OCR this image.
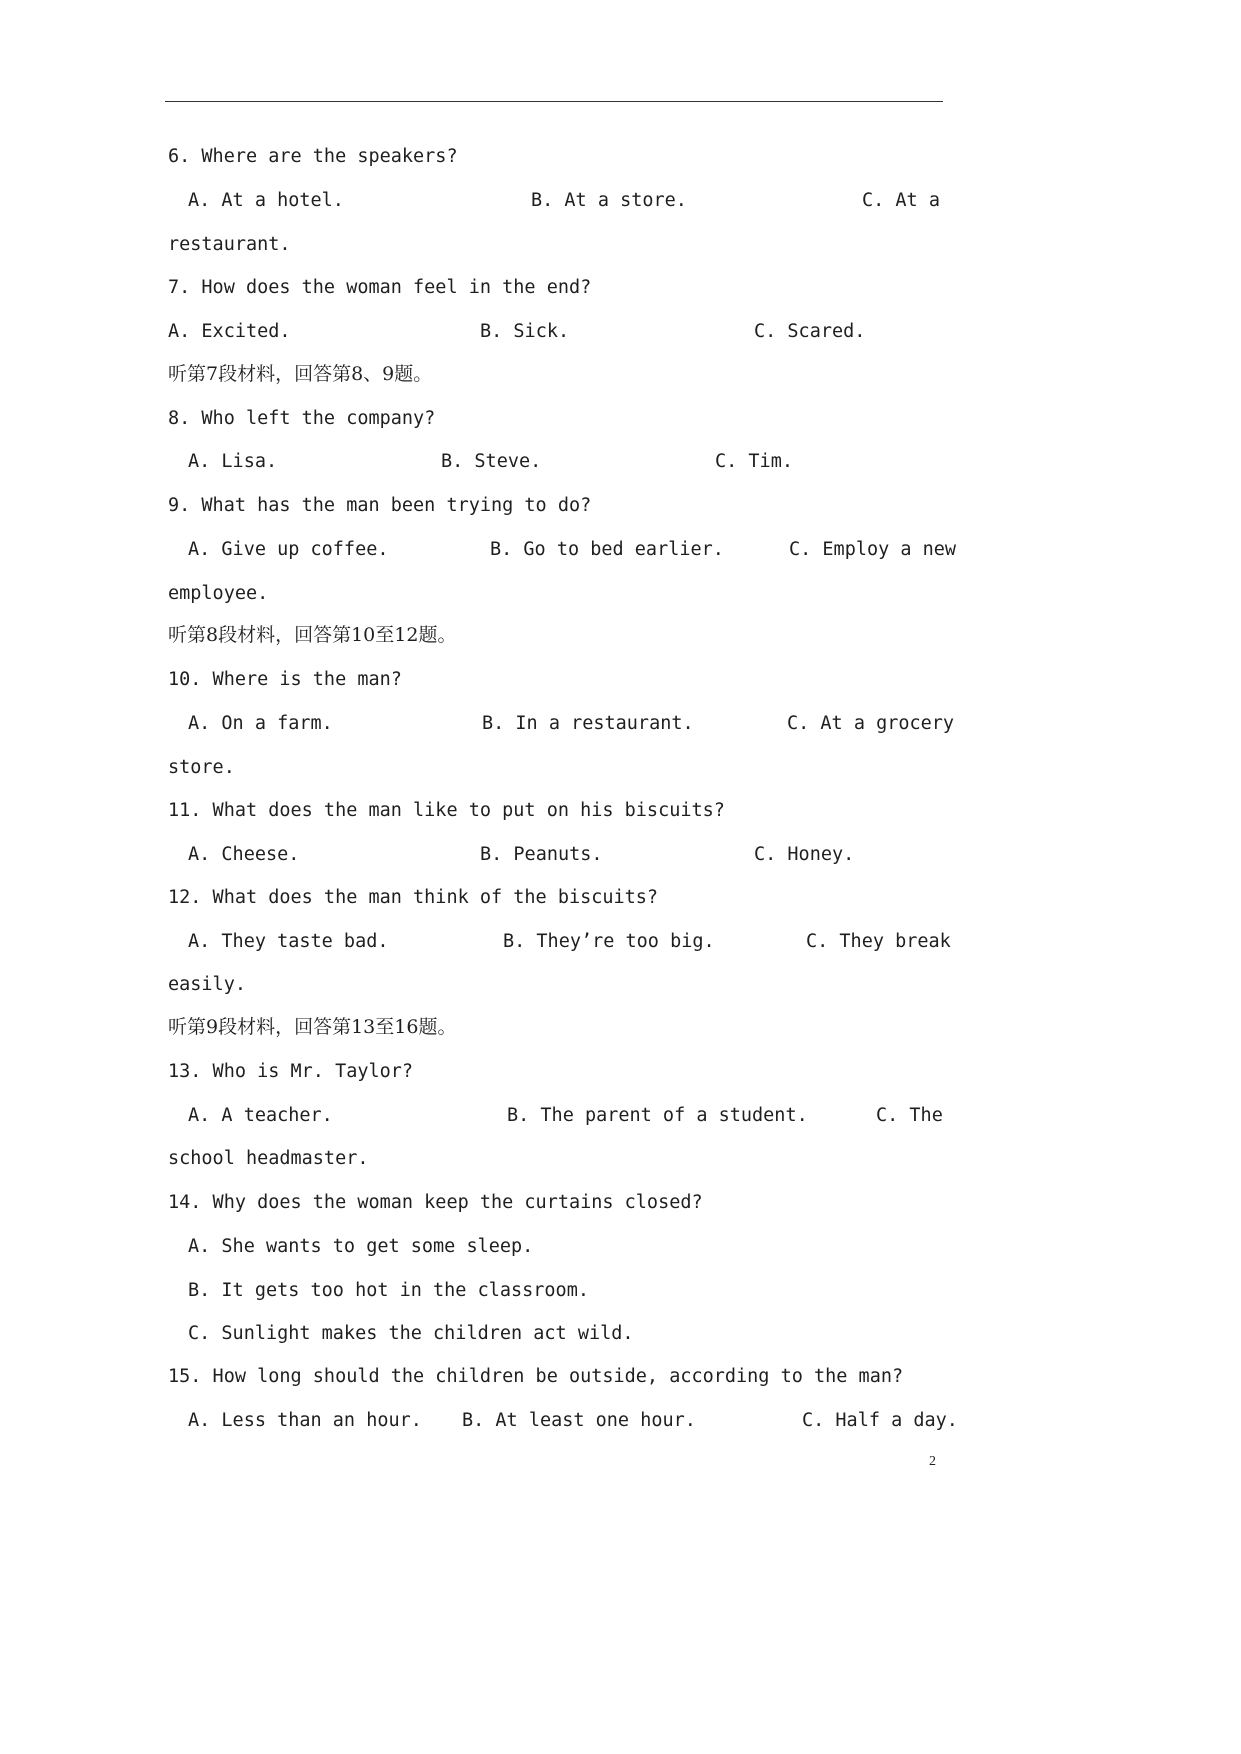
6. Where are the speakers?
A. At a hotel.	B. At a store.	C. At a
restaurant.
7. How does the woman feel in the end?
A. Excited.	B. Sick.	C. Scared.
听第7段材料，回答第8、9题。
8. Who left the company?
A. Lisa.	B. Steve.	C. Tim.
9. What has the man been trying to do?
A. Give up coffee.	B. Go to bed earlier.	C. Employ a new
employee.
听第8段材料，回答第10至12题。
10. Where is the man?
A. On a farm.	B. In a restaurant.	C. At a grocery
store.
11. What does the man like to put on his biscuits?
A. Cheese.	B. Peanuts.	C. Honey.
12. What does the man think of the biscuits?
A. They taste bad.	B. They’re too big.	C. They break
easily.
听第9段材料，回答第13至16题。
13. Who is Mr. Taylor?
A. A teacher.	B. The parent of a student.	C. The
school headmaster.
14. Why does the woman keep the curtains closed?
A. She wants to get some sleep.
B. It gets too hot in the classroom.
C. Sunlight makes the children act wild.
15. How long should the children be outside, according to the man?
A. Less than an hour. B. At least one hour.	C. Half a day.
2
